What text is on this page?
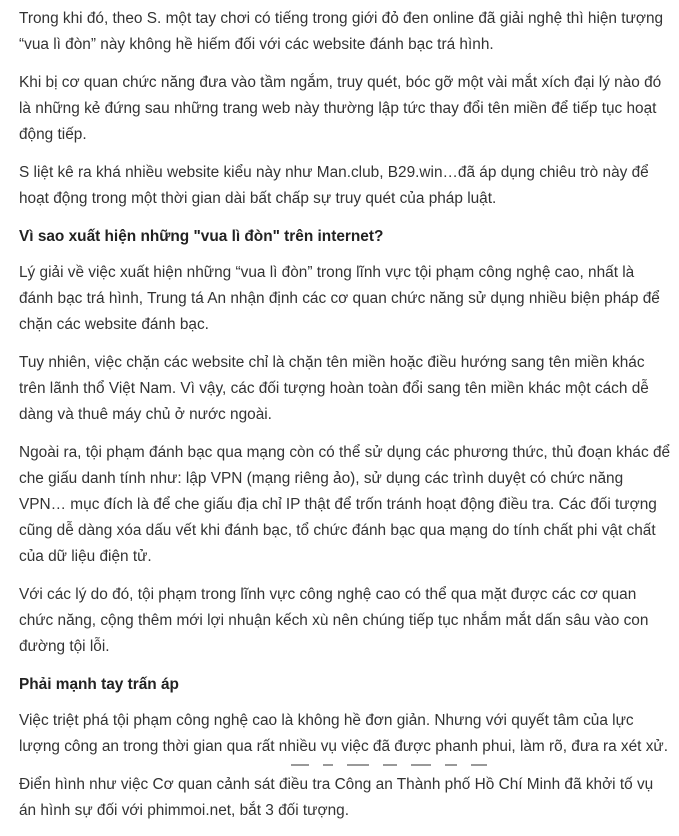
Trong khi đó, theo S. một tay chơi có tiếng trong giới đỏ đen online đã giải nghệ thì hiện tượng “vua lì đòn” này không hề hiếm đối với các website đánh bạc trá hình.

Khi bị cơ quan chức năng đưa vào tầm ngắm, truy quét, bóc gỡ một vài mắt xích đại lý nào đó là những kẻ đứng sau những trang web này thường lập tức thay đổi tên miền để tiếp tục hoạt động tiếp.

S liệt kê ra khá nhiều website kiểu này như Man.club, B29.win…đã áp dụng chiêu trò này để hoạt động trong một thời gian dài bất chấp sự truy quét của pháp luật.

Vì sao xuất hiện những "vua lì đòn" trên internet?

Lý giải về việc xuất hiện những “vua lì đòn” trong lĩnh vực tội phạm công nghệ cao, nhất là đánh bạc trá hình, Trung tá An nhận định các cơ quan chức năng sử dụng nhiều biện pháp để chặn các website đánh bạc.

Tuy nhiên, việc chặn các website chỉ là chặn tên miền hoặc điều hướng sang tên miền khác trên lãnh thổ Việt Nam. Vì vậy, các đối tượng hoàn toàn đổi sang tên miền khác một cách dễ dàng và thuê máy chủ ở nước ngoài.

Ngoài ra, tội phạm đánh bạc qua mạng còn có thể sử dụng các phương thức, thủ đoạn khác để che giấu danh tính như: lập VPN (mạng riêng ảo), sử dụng các trình duyệt có chức năng VPN… mục đích là để che giấu địa chỉ IP thật để trốn tránh hoạt động điều tra. Các đối tượng cũng dễ dàng xóa dấu vết khi đánh bạc, tổ chức đánh bạc qua mạng do tính chất phi vật chất của dữ liệu điện tử.

Với các lý do đó, tội phạm trong lĩnh vực công nghệ cao có thể qua mặt được các cơ quan chức năng, cộng thêm mới lợi nhuận kếch xù nên chúng tiếp tục nhắm mắt dấn sâu vào con đường tội lỗi.

Phải mạnh tay trấn áp

Việc triệt phá tội phạm công nghệ cao là không hề đơn giản. Nhưng với quyết tâm của lực lượng công an trong thời gian qua rất nhiều vụ việc đã được phanh phui, làm rõ, đưa ra xét xử.

Điển hình như việc Cơ quan cảnh sát điều tra Công an Thành phố Hồ Chí Minh đã khởi tố vụ án hình sự đối với phimmoi.net, bắt 3 đối tượng.
